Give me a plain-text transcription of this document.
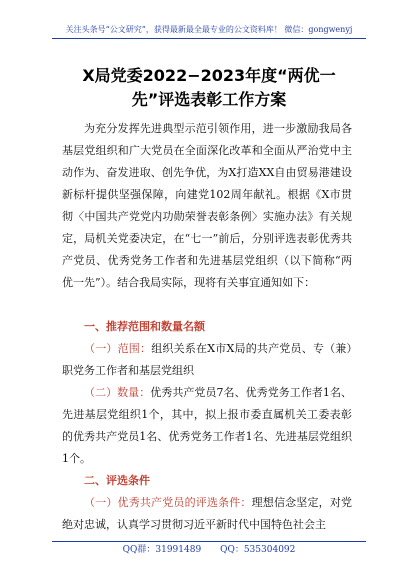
关注头条号“公文研究”，获得最新最全最专业的公文资料库！ 微信：gongwenyj
X局党委2022−2023年度“两优一
先”评选表彰工作方案

为充分发挥先进典型示范引领作用，进一步激励我局各基层党组织和广大党员在全面深化改革和全面从严治党中主动作为、奋发进取、创先争优，为X打造XX自由贸易港建设新标杆提供坚强保障，向建党102周年献礼。根据《X市贯彻〈中国共产党党内功勋荣誉表彰条例〉实施办法》有关规定，局机关党委决定，在“七一”前后，分别评选表彰优秀共产党员、优秀党务工作者和先进基层党组织（以下简称“两优一先”）。结合我局实际，现将有关事宜通知如下：

一、推荐范围和数量名额

（一）范围：组织关系在X市X局的共产党员、专（兼）职党务工作者和基层党组织

（二）数量：优秀共产党员7名、优秀党务工作者1名、先进基层党组织1个，其中，拟上报市委直属机关工委表彰的优秀共产党员1名、优秀党务工作者1名、先进基层党组织1个。

二、评选条件

（一）优秀共产党员的评选条件：理想信念坚定，对党绝对忠诚，认真学习贯彻习近平新时代中国特色社会主

QQ群：31991489 QQ：535304092
